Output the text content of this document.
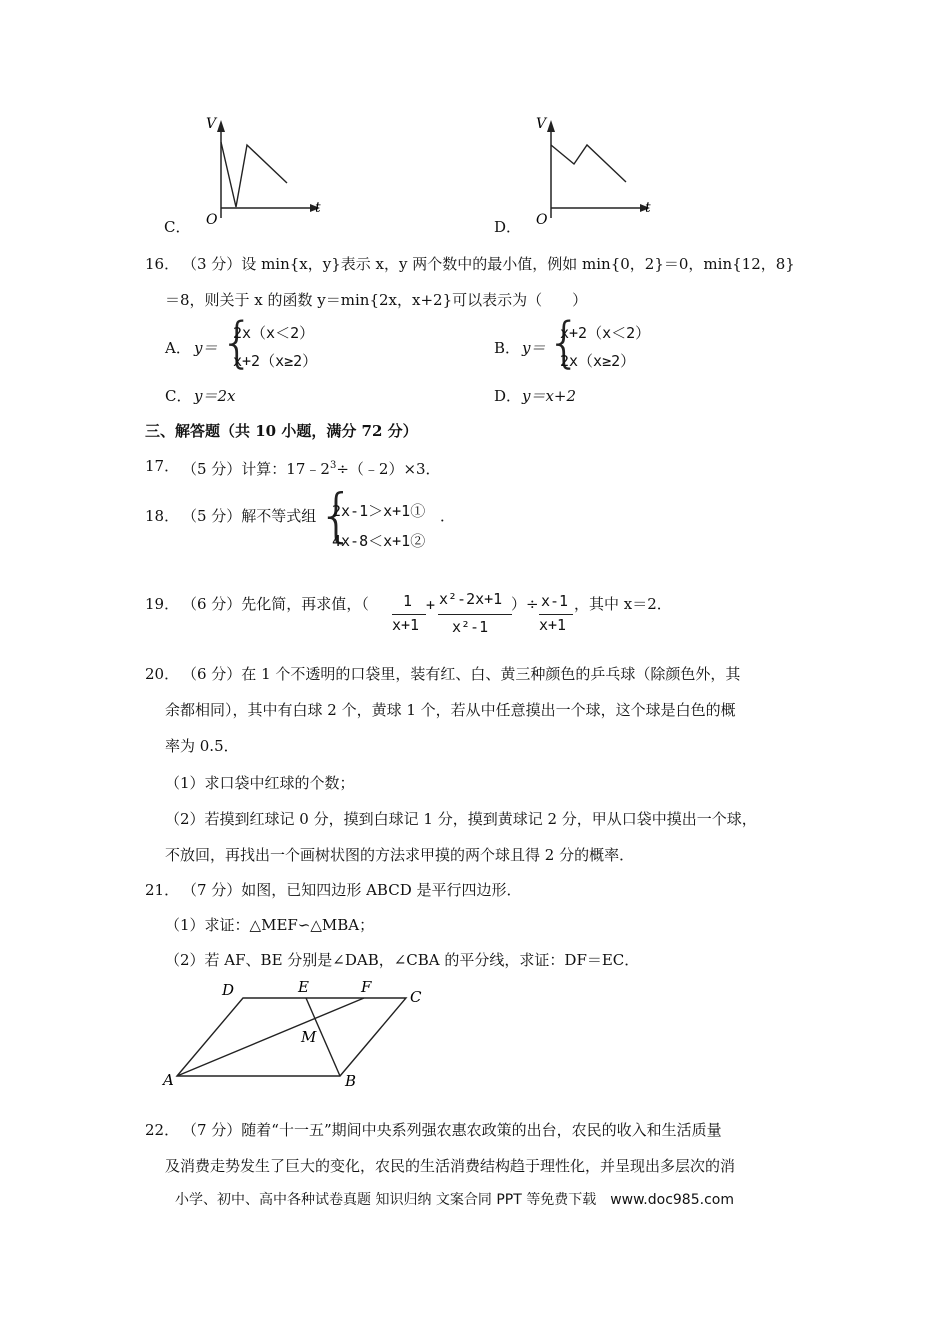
V
t
O
C．
V
t
O
D．
16． （3 分）设 min{x，y}表示 x，y 两个数中的最小值，例如 min{0，2}＝0，min{12，8}
＝8，则关于 x 的函数 y＝min{2x，x+2}可以表示为（　　）
A． y＝ {
2x（x＜2）
x+2（x≥2）
B． y＝ {
x+2（x＜2）
2x（x≥2）
C． y＝2x	D． y＝x+2
三、解答题（共 10 小题，满分 72 分）
17． （5 分）计算：$17﹣2^3\div(﹣2)\times 3$．
18． （5 分）解不等式组 {
2x-1＞x+1①
4x-8＜x+1②
．
19． （6 分）先化简，再求值，（ 1
x+1
+ x²-2x+1
x²-1
）÷ x-1
x+1
，其中 x＝2．
20． （6 分）在 1 个不透明的口袋里，装有红、白、黄三种颜色的乒乓球（除颜色外，其
余都相同），其中有白球 2 个，黄球 1 个，若从中任意摸出一个球，这个球是白色的概
率为 0.5．
（1）求口袋中红球的个数；
（2）若摸到红球记 0 分，摸到白球记 1 分，摸到黄球记 2 分，甲从口袋中摸出一个球，
不放回，再找出一个画树状图的方法求甲摸的两个球且得 2 分的概率．
21． （7 分）如图，已知四边形 ABCD 是平行四边形．
（1）求证：△MEF∽△MBA；
（2）若 AF、BE 分别是∠DAB，∠CBA 的平分线，求证：DF＝EC．
D	E	F
C
M
A	B
22． （7 分）随着“十一五”期间中央系列强农惠农政策的出台，农民的收入和生活质量
及消费走势发生了巨大的变化，农民的生活消费结构趋于理性化，并呈现出多层次的消
小学、初中、高中各种试卷真题 知识归纳 文案合同 PPT 等免费下载　www.doc985.com
